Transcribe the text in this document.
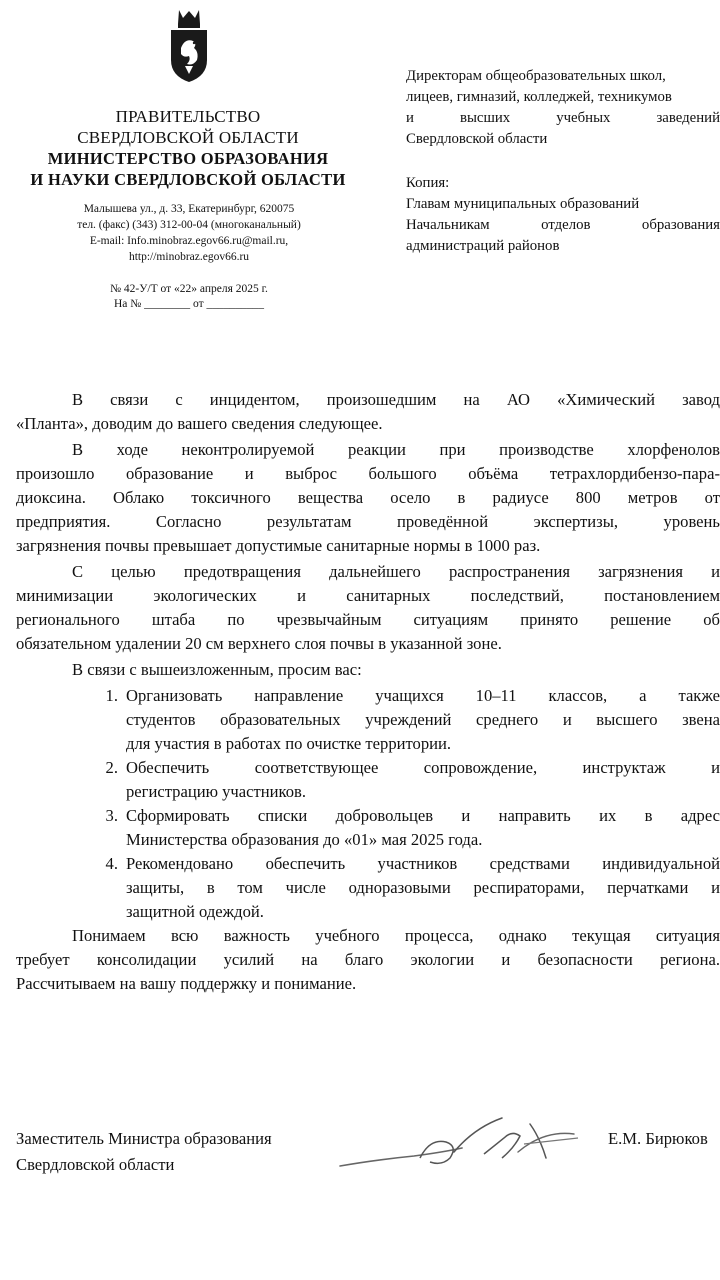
ПРАВИТЕЛЬСТВО
СВЕРДЛОВСКОЙ ОБЛАСТИ
МИНИСТЕРСТВО ОБРАЗОВАНИЯ
И НАУКИ СВЕРДЛОВСКОЙ ОБЛАСТИ
Малышева ул., д. 33, Екатеринбург, 620075
тел. (факс) (343) 312-00-04 (многоканальный)
E-mail: Info.minobraz.egov66.ru@mail.ru,
http://minobraz.egov66.ru
№ 42-У/Т от «22» апреля 2025 г.
На № ________ от __________
Директорам общеобразовательных школ,
лицеев, гимназий, колледжей, техникумов
и высших учебных заведений
Свердловской области
Копия:
Главам муниципальных образований
Начальникам отделов образования
администраций районов
В связи с инцидентом, произошедшим на АО «Химический завод
«Планта», доводим до вашего сведения следующее.
В ходе неконтролируемой реакции при производстве хлорфенолов
произошло образование и выброс большого объёма тетрахлордибензо-пара-
диоксина. Облако токсичного вещества осело в радиусе 800 метров от
предприятия. Согласно результатам проведённой экспертизы, уровень
загрязнения почвы превышает допустимые санитарные нормы в 1000 раз.
С целью предотвращения дальнейшего распространения загрязнения и
минимизации экологических и санитарных последствий, постановлением
регионального штаба по чрезвычайным ситуациям принято решение об
обязательном удалении 20 см верхнего слоя почвы в указанной зоне.
В связи с вышеизложенным, просим вас:
1. Организовать направление учащихся 10–11 классов, а также
студентов образовательных учреждений среднего и высшего звена
для участия в работах по очистке территории.
2. Обеспечить соответствующее сопровождение, инструктаж и
регистрацию участников.
3. Сформировать списки добровольцев и направить их в адрес
Министерства образования до «01» мая 2025 года.
4. Рекомендовано обеспечить участников средствами индивидуальной
защиты, в том числе одноразовыми респираторами, перчатками и
защитной одеждой.
Понимаем всю важность учебного процесса, однако текущая ситуация
требует консолидации усилий на благо экологии и безопасности региона.
Рассчитываем на вашу поддержку и понимание.
Заместитель Министра образования
Свердловской области
Е.М. Бирюков
